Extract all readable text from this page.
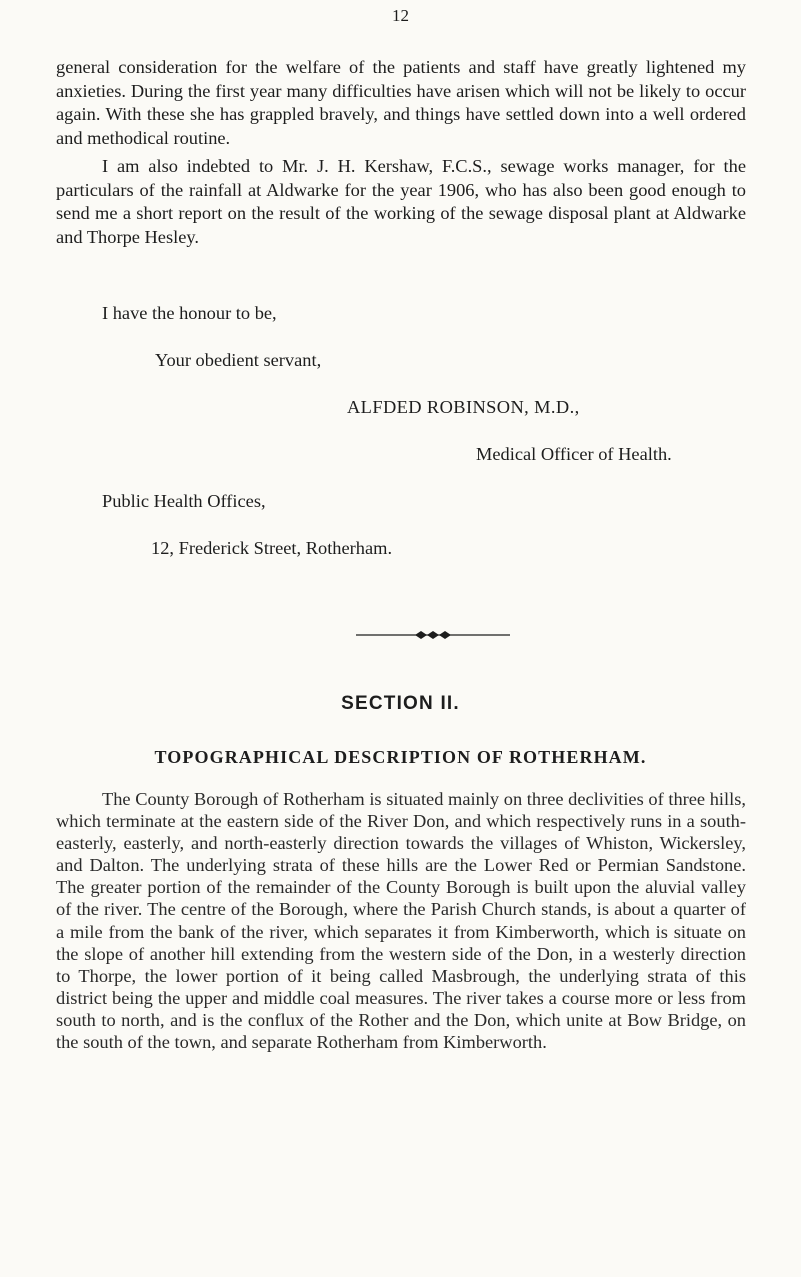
12

general consideration for the welfare of the patients and staff have greatly lightened my anxieties. During the first year many difficulties have arisen which will not be likely to occur again. With these she has grappled bravely, and things have settled down into a well ordered and methodical routine.

I am also indebted to Mr. J. H. Kershaw, F.C.S., sewage works manager, for the particulars of the rainfall at Aldwarke for the year 1906, who has also been good enough to send me a short report on the result of the working of the sewage disposal plant at Aldwarke and Thorpe Hesley.

I have the honour to be,

Your obedient servant,

ALFDED ROBINSON, M.D.,

Medical Officer of Health.

Public Health Offices,

12, Frederick Street, Rotherham.

SECTION II.
TOPOGRAPHICAL DESCRIPTION OF ROTHERHAM.

The County Borough of Rotherham is situated mainly on three declivities of three hills, which terminate at the eastern side of the River Don, and which respectively runs in a south-easterly, easterly, and north-easterly direction towards the villages of Whiston, Wickersley, and Dalton. The underlying strata of these hills are the Lower Red or Permian Sandstone. The greater portion of the remainder of the County Borough is built upon the aluvial valley of the river. The centre of the Borough, where the Parish Church stands, is about a quarter of a mile from the bank of the river, which separates it from Kimberworth, which is situate on the slope of another hill extending from the western side of the Don, in a westerly direction to Thorpe, the lower portion of it being called Masbrough, the underlying strata of this district being the upper and middle coal measures. The river takes a course more or less from south to north, and is the conflux of the Rother and the Don, which unite at Bow Bridge, on the south of the town, and separate Rotherham from Kimberworth.
